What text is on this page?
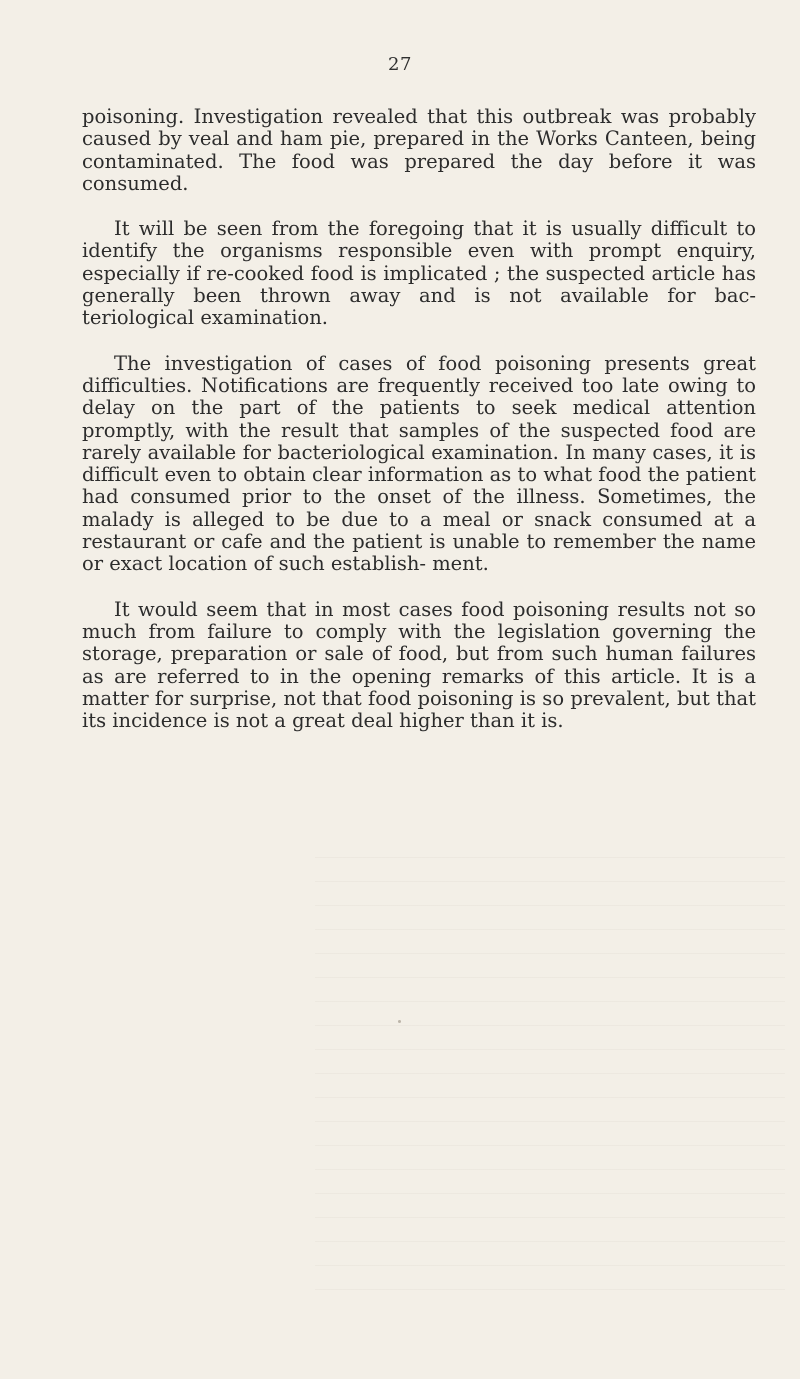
27

poisoning. Investigation revealed that this outbreak was probably caused by veal and ham pie, prepared in the Works Canteen, being contaminated. The food was prepared the day before it was consumed.

It will be seen from the foregoing that it is usually difficult to identify the organisms responsible even with prompt enquiry, especially if re-cooked food is implicated ; the suspected article has generally been thrown away and is not available for bac- teriological examination.

The investigation of cases of food poisoning presents great difficulties. Notifications are frequently received too late owing to delay on the part of the patients to seek medical attention promptly, with the result that samples of the suspected food are rarely available for bacteriological examination. In many cases, it is difficult even to obtain clear information as to what food the patient had consumed prior to the onset of the illness. Sometimes, the malady is alleged to be due to a meal or snack consumed at a restaurant or cafe and the patient is unable to remember the name or exact location of such establish- ment.

It would seem that in most cases food poisoning results not so much from failure to comply with the legislation governing the storage, preparation or sale of food, but from such human failures as are referred to in the opening remarks of this article. It is a matter for surprise, not that food poisoning is so prevalent, but that its incidence is not a great deal higher than it is.
